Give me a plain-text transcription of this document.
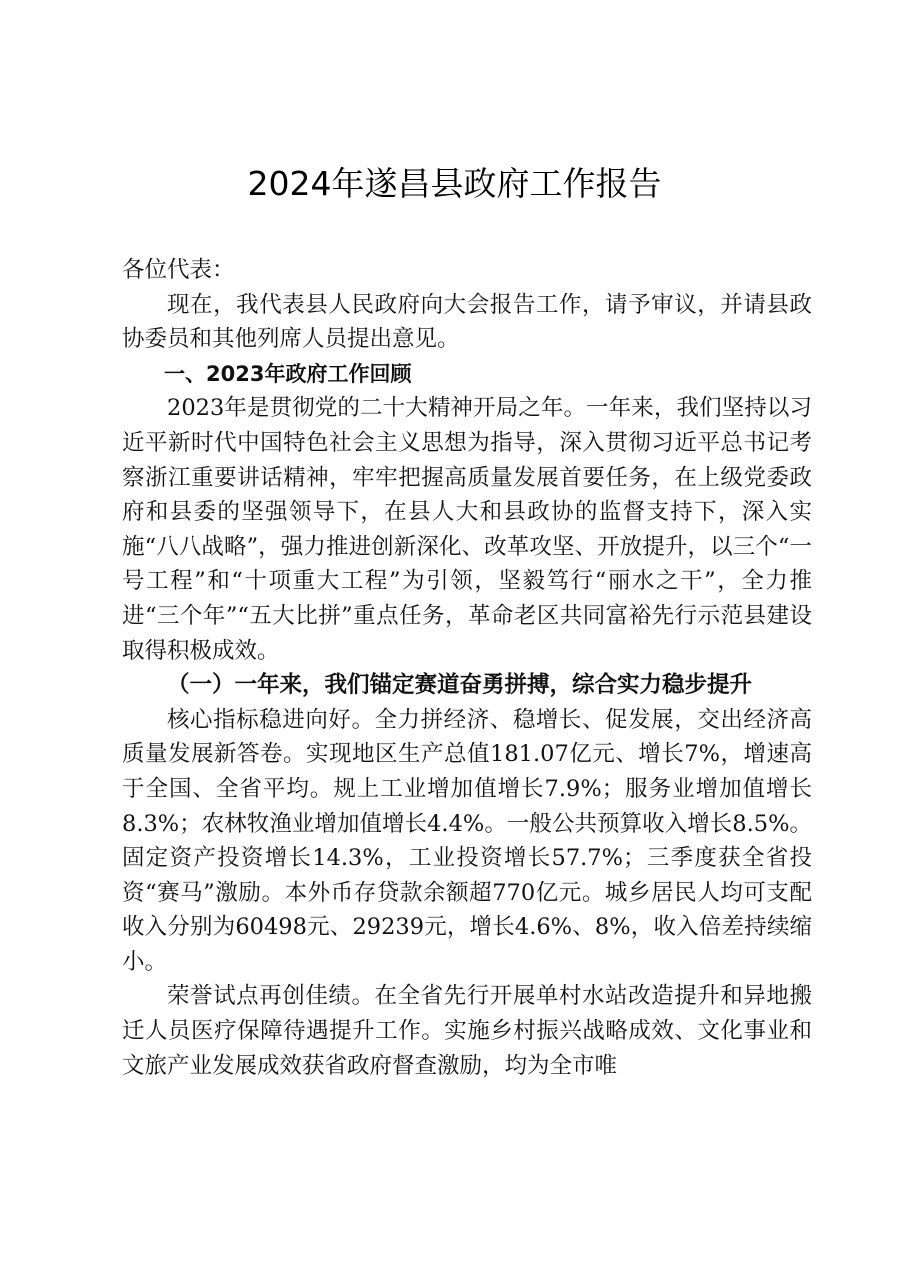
2024年遂昌县政府工作报告

各位代表：

现在，我代表县人民政府向大会报告工作，请予审议，并请县政协委员和其他列席人员提出意见。

一、2023年政府工作回顾

2023年是贯彻党的二十大精神开局之年。一年来，我们坚持以习近平新时代中国特色社会主义思想为指导，深入贯彻习近平总书记考察浙江重要讲话精神，牢牢把握高质量发展首要任务，在上级党委政府和县委的坚强领导下，在县人大和县政协的监督支持下，深入实施“八八战略”，强力推进创新深化、改革攻坚、开放提升，以三个“一号工程”和“十项重大工程”为引领，坚毅笃行“丽水之干”，全力推进“三个年”“五大比拼”重点任务，革命老区共同富裕先行示范县建设取得积极成效。

（一）一年来，我们锚定赛道奋勇拼搏，综合实力稳步提升

核心指标稳进向好。全力拼经济、稳增长、促发展，交出经济高质量发展新答卷。实现地区生产总值181.07亿元、增长7%，增速高于全国、全省平均。规上工业增加值增长7.9%；服务业增加值增长8.3%；农林牧渔业增加值增长4.4%。一般公共预算收入增长8.5%。固定资产投资增长14.3%，工业投资增长57.7%；三季度获全省投资“赛马”激励。本外币存贷款余额超770亿元。城乡居民人均可支配收入分别为60498元、29239元，增长4.6%、8%，收入倍差持续缩小。

荣誉试点再创佳绩。在全省先行开展单村水站改造提升和异地搬迁人员医疗保障待遇提升工作。实施乡村振兴战略成效、文化事业和文旅产业发展成效获省政府督查激励，均为全市唯
